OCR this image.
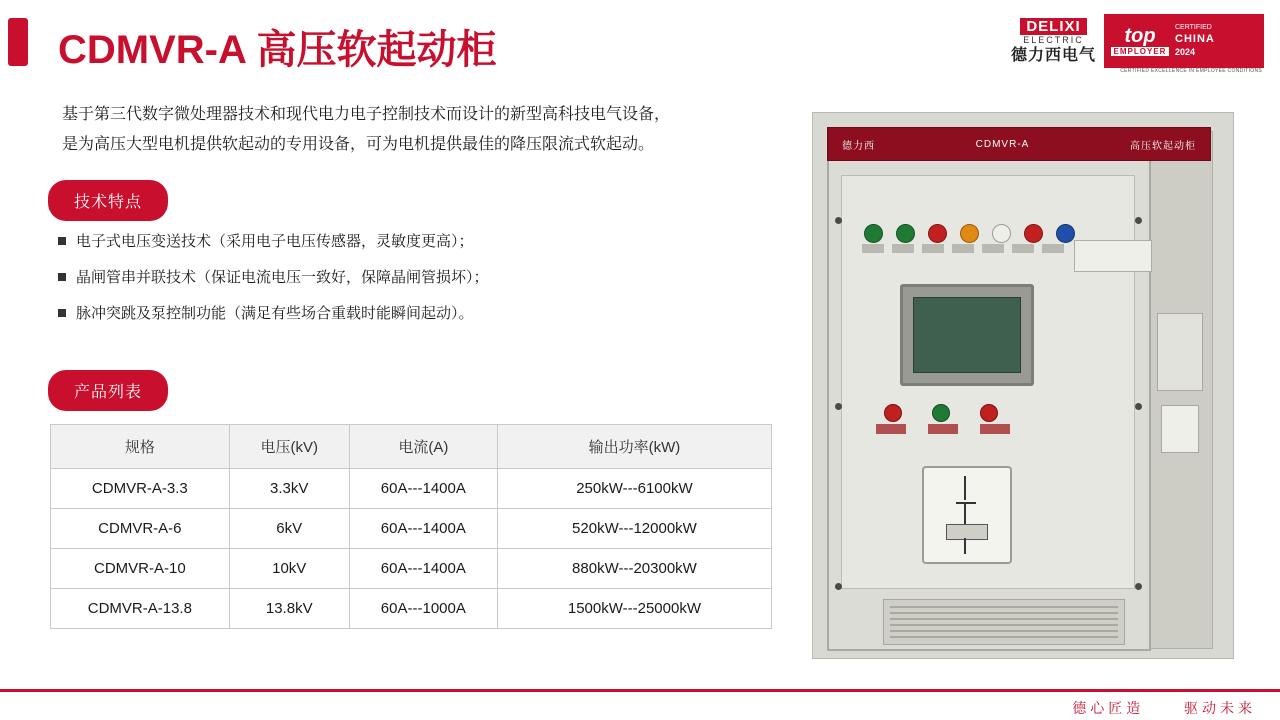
CDMVR-A 高压软起动柜
DELIXI
ELECTRIC
德力西电气
top
EMPLOYER
CERTIFIED
CHINA
2024
CERTIFIED EXCELLENCE IN EMPLOYEE CONDITIONS
基于第三代数字微处理器技术和现代电力电子控制技术而设计的新型高科技电气设备，
是为高压大型电机提供软起动的专用设备，可为电机提供最佳的降压限流式软起动。
技术特点
电子式电压变送技术（采用电子电压传感器，灵敏度更高）；
晶闸管串并联技术（保证电流电压一致好，保障晶闸管损坏）；
脉冲突跳及泵控制功能（满足有些场合重载时能瞬间起动）。
产品列表
规格	电压(kV)	电流(A)	输出功率(kW)
CDMVR-A-3.3	3.3kV	60A---1400A	250kW---6100kW
CDMVR-A-6	6kV	60A---1400A	520kW---12000kW
CDMVR-A-10	10kV	60A---1400A	880kW---20300kW
CDMVR-A-13.8	13.8kV	60A---1000A	1500kW---25000kW
德力西	CDMVR-A	高压软起动柜
德心匠造	驱动未来
